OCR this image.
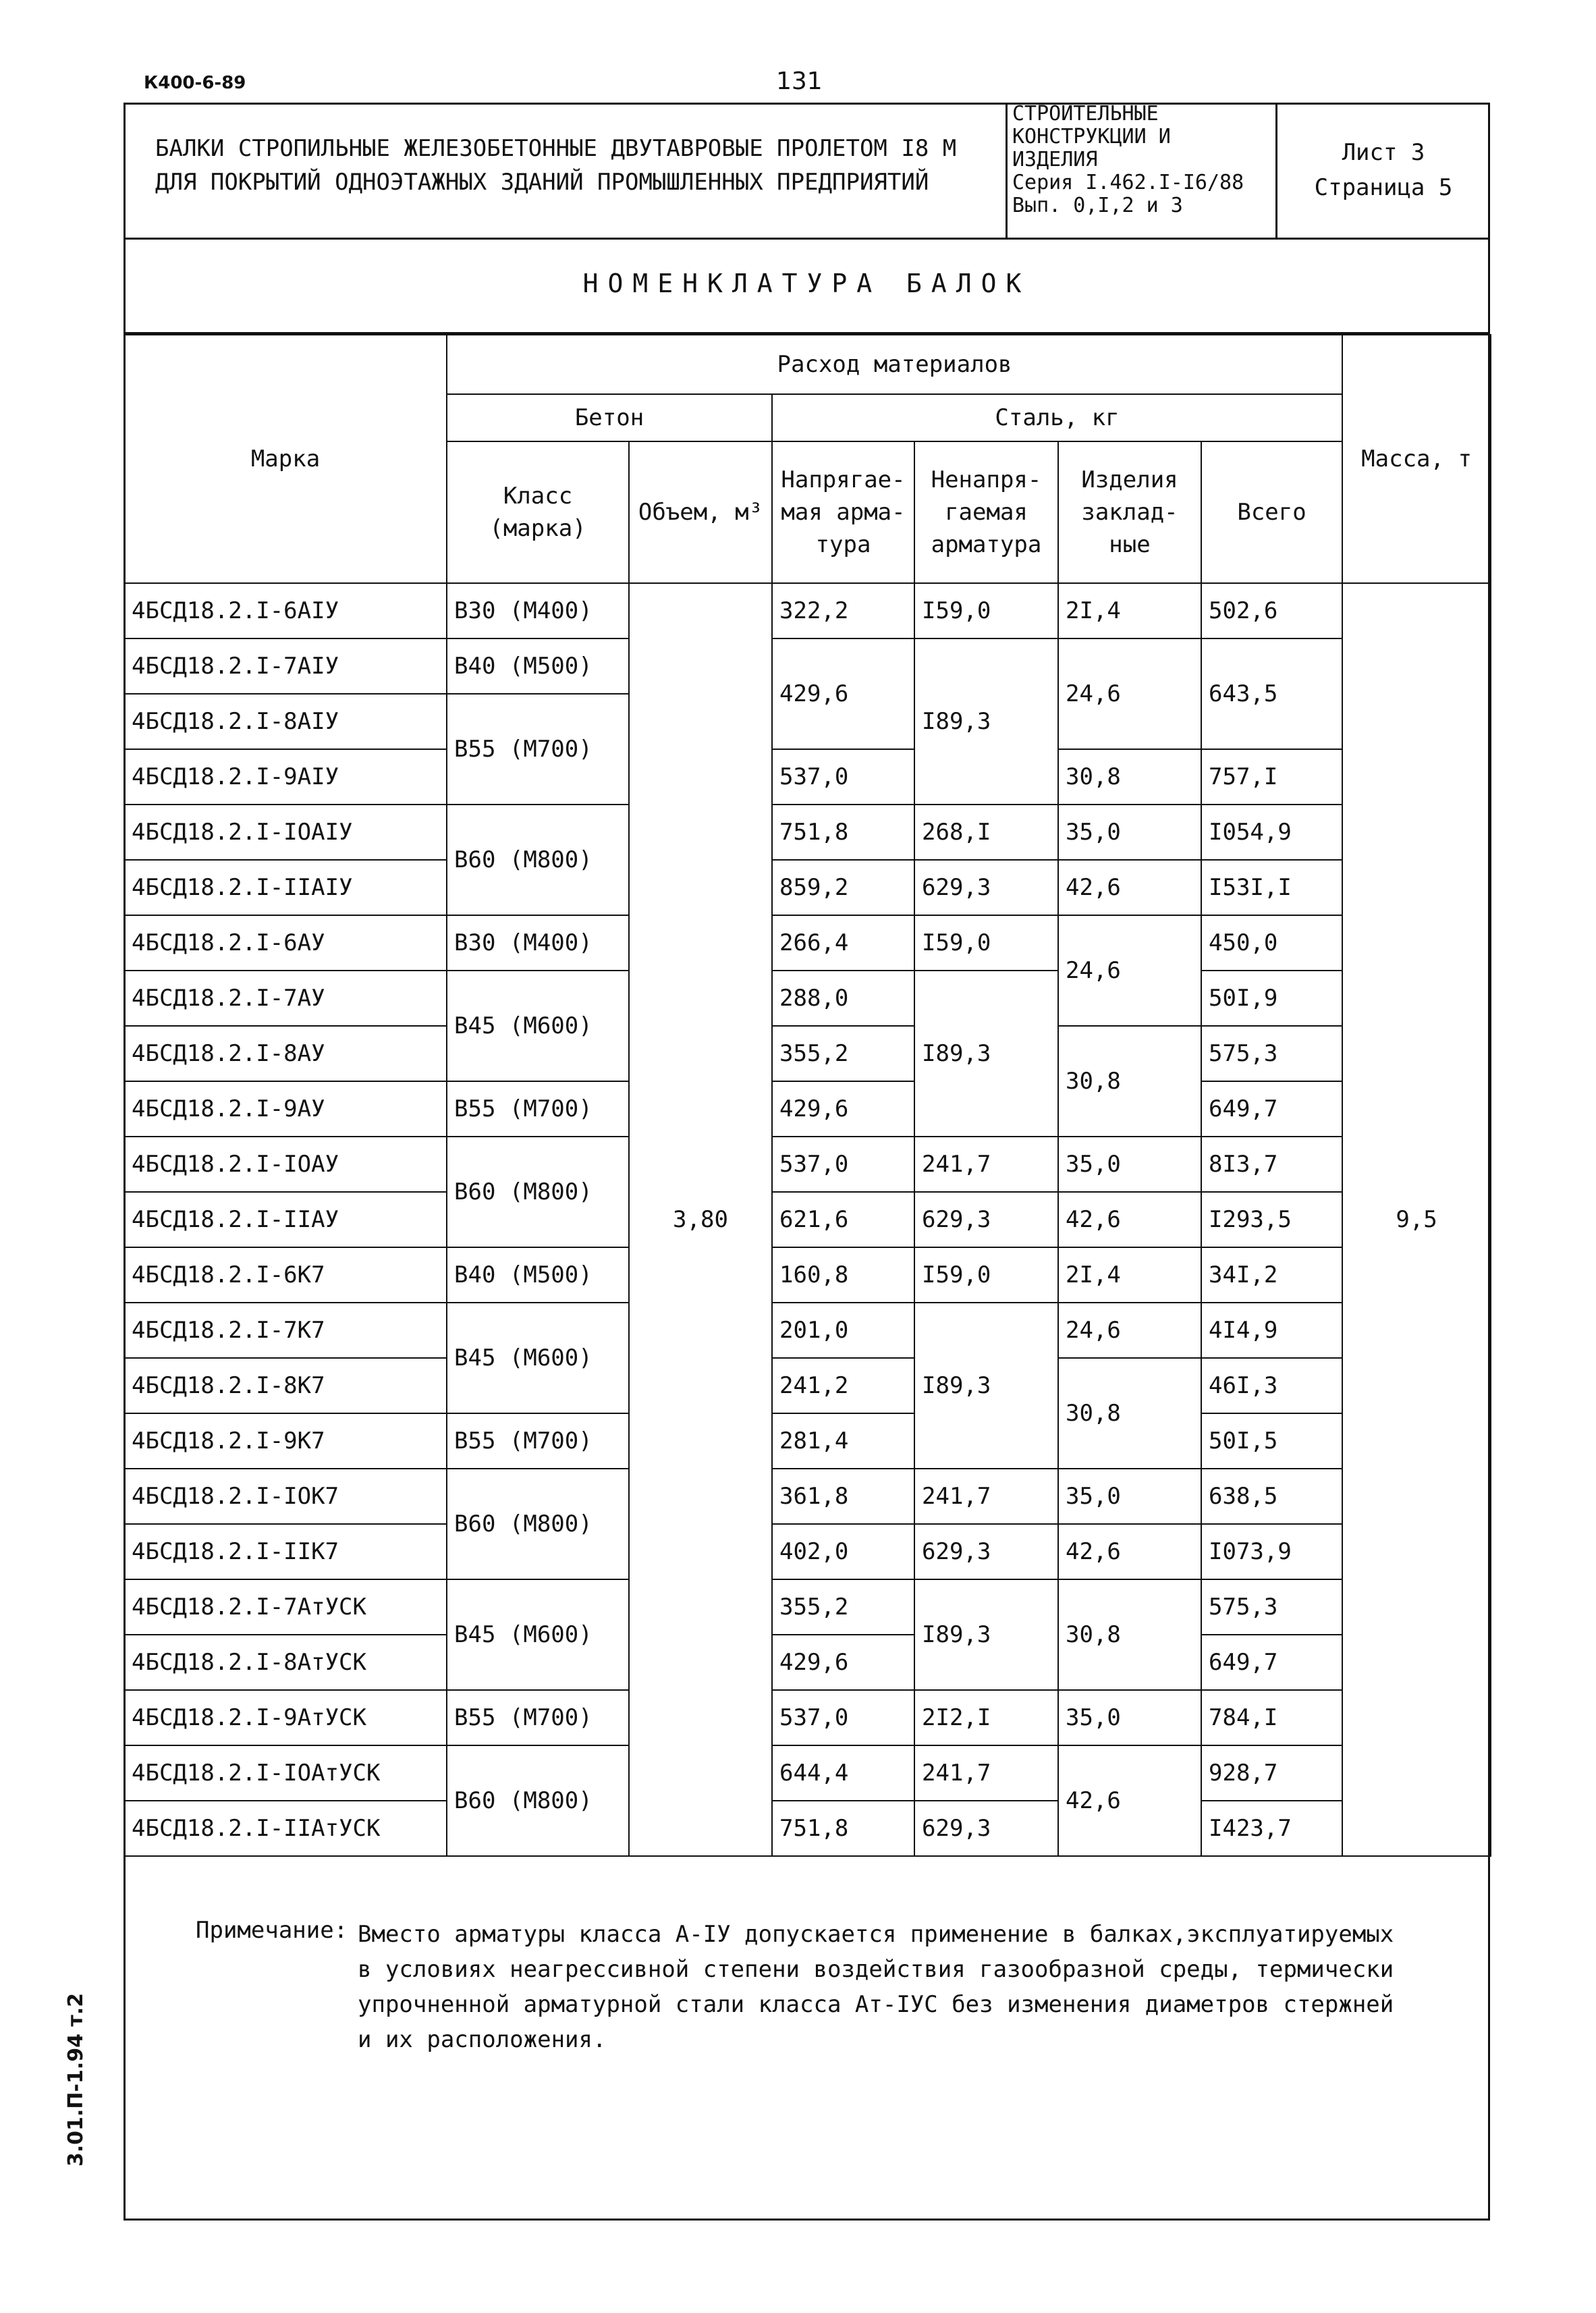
К400-6-89	131
БАЛКИ СТРОПИЛЬНЫЕ ЖЕЛЕЗОБЕТОННЫЕ ДВУТАВРОВЫЕ ПРОЛЕТОМ I8 М
ДЛЯ ПОКРЫТИЙ ОДНОЭТАЖНЫХ ЗДАНИЙ ПРОМЫШЛЕННЫХ ПРЕДПРИЯТИЙ
СТРОИТЕЛЬНЫЕ
КОНСТРУКЦИИ И
ИЗДЕЛИЯ
Серия I.462.I-I6/88
Вып. 0,I,2 и 3
Лист 3
Страница 5
НОМЕНКЛАТУРА БАЛОК
Марка	Расход материалов						Масса, т
	Бетон		Сталь, кг				
	Класс (марка)	Объем, м³	Напрягае-мая арма-тура	Ненапря-гаемая арматура	Изделия заклад-ные	Всего	
4БСД18.2.I-6АIУ	В30 (М400)	3,80	322,2	I59,0	2I,4	502,6	9,5
4БСД18.2.I-7АIУ	В40 (М500)		429,6	I89,3	24,6	643,5	
4БСД18.2.I-8АIУ	В55 (М700)						
4БСД18.2.I-9АIУ			537,0		30,8	757,I	
4БСД18.2.I-IОАIУ	В60 (М800)		751,8	268,I	35,0	I054,9	
4БСД18.2.I-IIАIУ			859,2	629,3	42,6	I53I,I	
4БСД18.2.I-6АУ	В30 (М400)		266,4	I59,0	24,6	450,0	
4БСД18.2.I-7АУ	В45 (М600)		288,0	I89,3		50I,9	
4БСД18.2.I-8АУ			355,2		30,8	575,3	
4БСД18.2.I-9АУ	В55 (М700)		429,6			649,7	
4БСД18.2.I-IОАУ	В60 (М800)		537,0	241,7	35,0	8I3,7	
4БСД18.2.I-IIАУ			621,6	629,3	42,6	I293,5	
4БСД18.2.I-6К7	В40 (М500)		160,8	I59,0	2I,4	34I,2	
4БСД18.2.I-7К7	В45 (М600)		201,0	I89,3	24,6	4I4,9	
4БСД18.2.I-8К7			241,2		30,8	46I,3	
4БСД18.2.I-9К7	В55 (М700)		281,4			50I,5	
4БСД18.2.I-IОК7	В60 (М800)		361,8	241,7	35,0	638,5	
4БСД18.2.I-IIК7			402,0	629,3	42,6	I073,9	
4БСД18.2.I-7АтУСК	В45 (М600)		355,2	I89,3	30,8	575,3	
4БСД18.2.I-8АтУСК			429,6			649,7	
4БСД18.2.I-9АтУСК	В55 (М700)		537,0	2I2,I	35,0	784,I	
4БСД18.2.I-IОАтУСК	В60 (М800)		644,4	241,7	42,6	928,7	
4БСД18.2.I-IIАтУСК			751,8	629,3		I423,7	
Примечание: Вместо арматуры класса А-IУ допускается применение в балках,эксплуатируемых
в условиях неагрессивной степени воздействия газообразной среды, термически
упрочненной арматурной стали класса Ат-IУС без изменения диаметров стержней
и их расположения.
3.01.П-1.94 т.2
